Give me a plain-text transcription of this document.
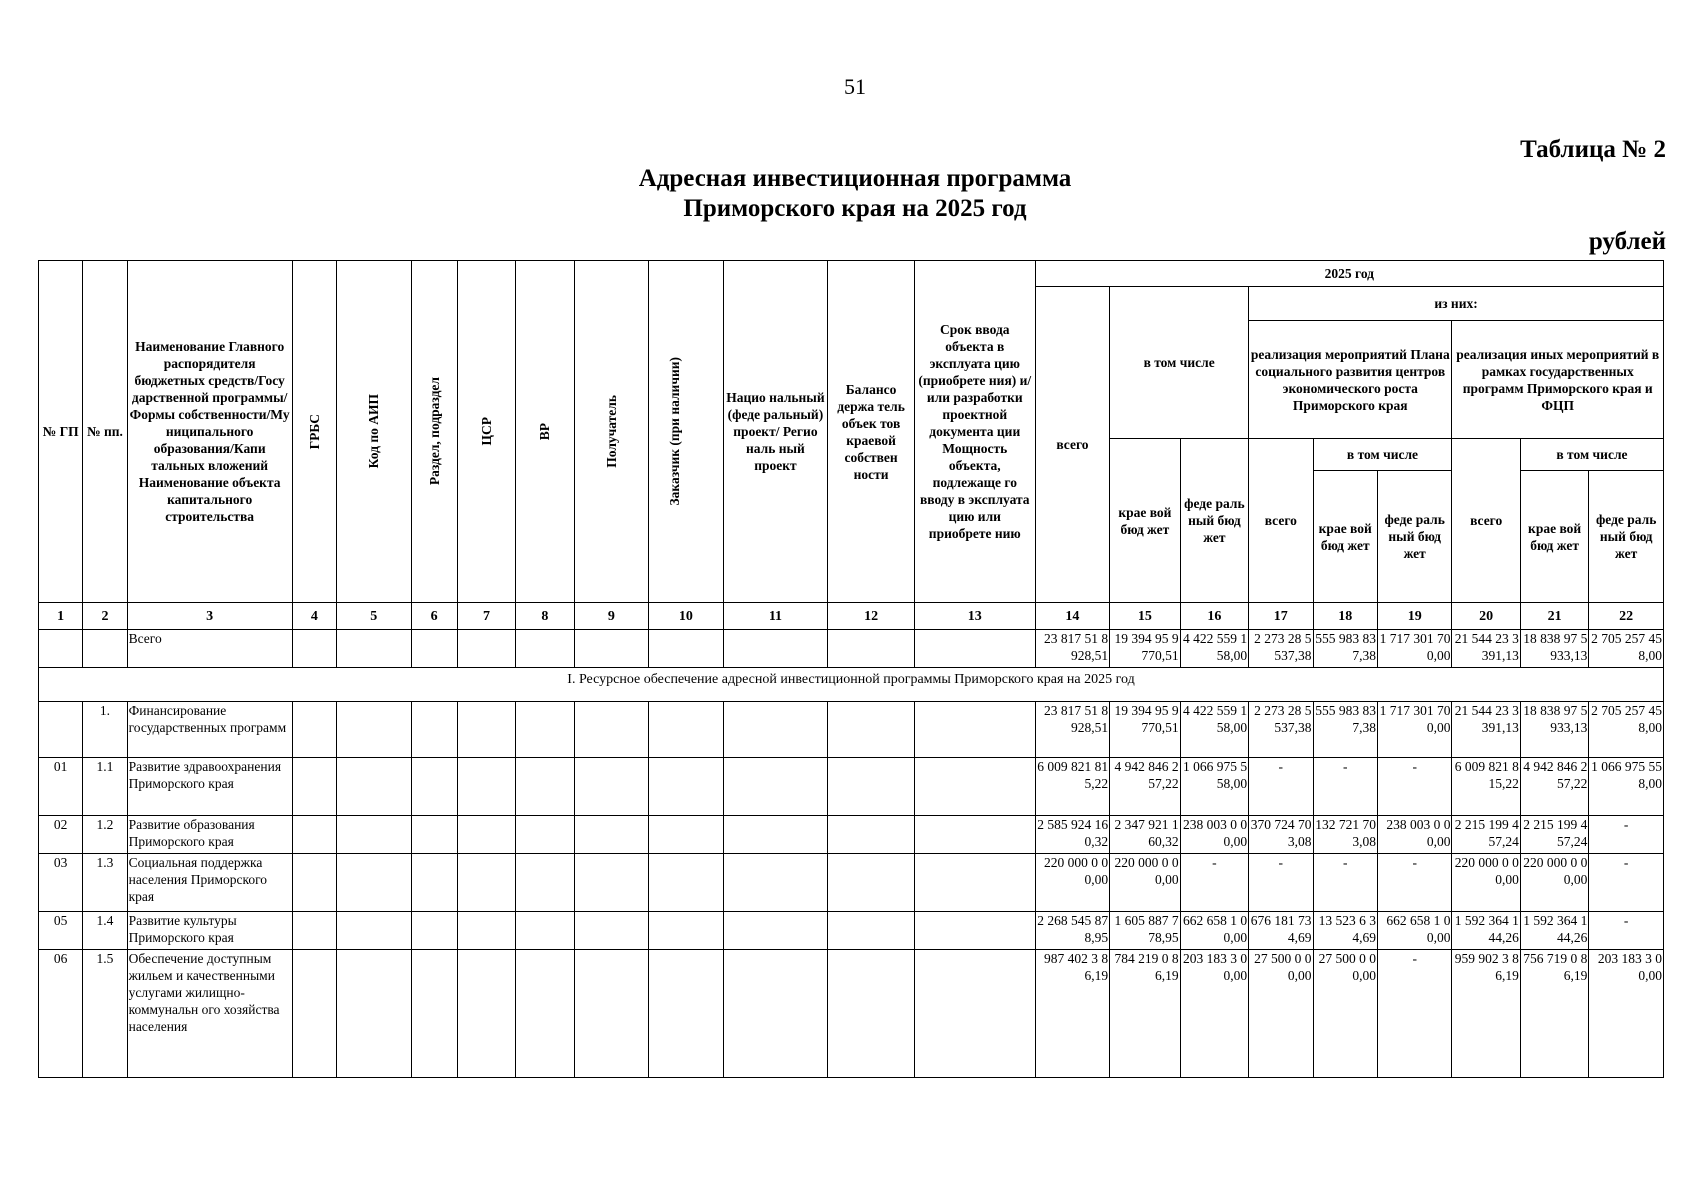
51
Таблица № 2
Адресная инвестиционная программа
Приморского края на 2025 год
рублей
№ ГП	№ пп.	Наименование Главного распорядителя бюджетных средств/Госу дарственной программы/ Формы собственности/Му ниципального образования/Капи тальных вложений Наименование объекта капитального строительства	ГРБС	Код по АИП	Раздел, подраздел	ЦСР	ВР	Получатель	Заказчик (при наличии)	Нацио нальный (феде ральный) проект/ Регио наль ный проект	Балансо держа тель объек тов краевой собствен ности	Срок ввода объекта в эксплуата цию (приобрете ния) и/или разработки проектной документа ции Мощность объекта, подлежаще го вводу в эксплуата цию или приобрете нию	2025 год								
													всего	в том числе		из них:					
																реализация мероприятий Плана социального развития центров экономического роста Приморского края			реализация иных мероприятий в рамках государственных программ Приморского края и ФЦП		
														крае вой бюд жет	феде раль ный бюд жет	всего	в том числе		всего	в том числе	
																	крае вой бюд жет	феде раль ный бюд жет		крае вой бюд жет	феде раль ный бюд жет
1	2	3	4	5	6	7	8	9	10	11	12	13	14	15	16	17	18	19	20	21	22
		Всего											23 817 51 8 928,51	19 394 95 9 770,51	4 422 559 158,00	2 273 28 5 537,38	555 983 837,38	1 717 301 700,00	21 544 23 3 391,13	18 838 97 5 933,13	2 705 257 458,00
I. Ресурсное обеспечение адресной инвестиционной программы Приморского края на 2025 год																					
	1.	Финансирование государственных программ											23 817 51 8 928,51	19 394 95 9 770,51	4 422 559 158,00	2 273 28 5 537,38	555 983 837,38	1 717 301 700,00	21 544 23 3 391,13	18 838 97 5 933,13	2 705 257 458,00
01	1.1	Развитие здравоохранения Приморского края											6 009 821 815,22	4 942 846 257,22	1 066 975 558,00	-	-	-	6 009 821 815,22	4 942 846 257,22	1 066 975 558,00
02	1.2	Развитие образования Приморского края											2 585 924 160,32	2 347 921 160,32	238 003 0 00,00	370 724 703,08	132 721 703,08	238 003 0 00,00	2 215 199 457,24	2 215 199 457,24	-
03	1.3	Социальная поддержка населения Приморского края											220 000 0 00,00	220 000 0 00,00	-	-	-	-	220 000 0 00,00	220 000 0 00,00	-
05	1.4	Развитие культуры Приморского края											2 268 545 878,95	1 605 887 778,95	662 658 1 00,00	676 181 734,69	13 523 6 34,69	662 658 1 00,00	1 592 364 144,26	1 592 364 144,26	-
06	1.5	Обеспечение доступным жильем и качественными услугами жилищно-коммунальн ого хозяйства населения											987 402 3 86,19	784 219 0 86,19	203 183 3 00,00	27 500 0 00,00	27 500 0 00,00	-	959 902 3 86,19	756 719 0 86,19	203 183 3 00,00
